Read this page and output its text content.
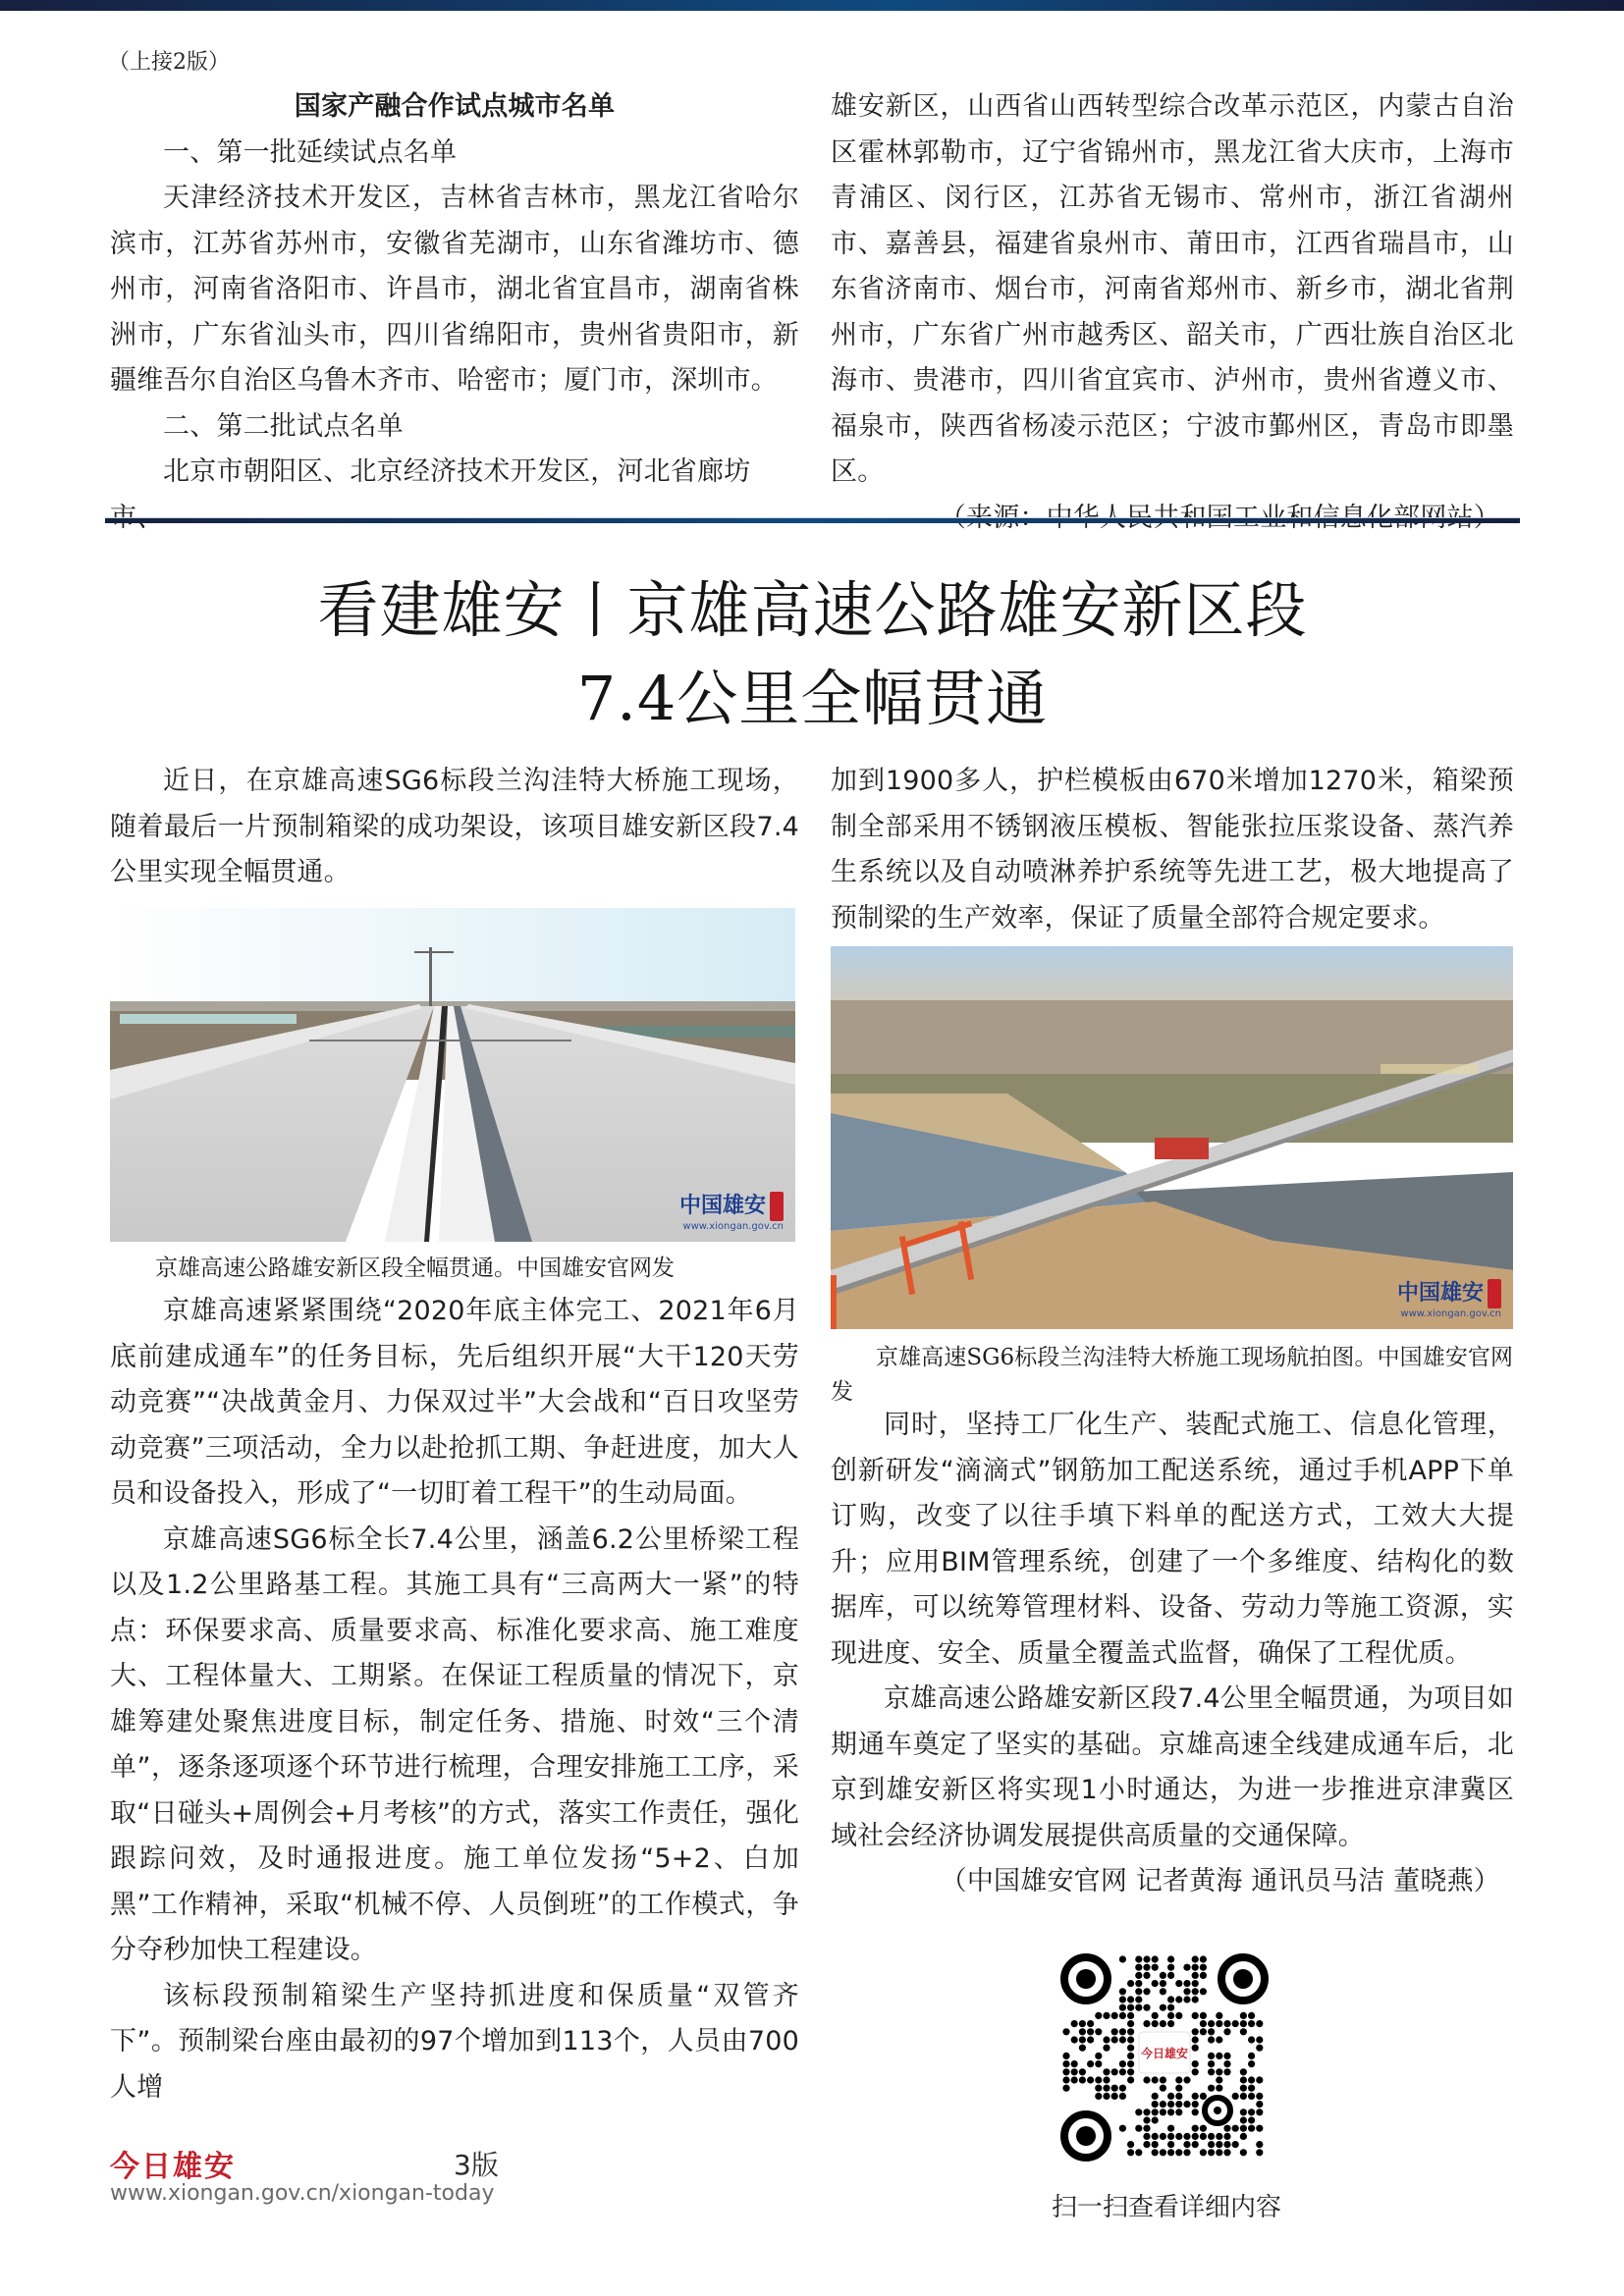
（上接2版）

国家产融合作试点城市名单

一、第一批延续试点名单

天津经济技术开发区，吉林省吉林市，黑龙江省哈尔滨市，江苏省苏州市，安徽省芜湖市，山东省潍坊市、德州市，河南省洛阳市、许昌市，湖北省宜昌市，湖南省株洲市，广东省汕头市，四川省绵阳市，贵州省贵阳市，新疆维吾尔自治区乌鲁木齐市、哈密市；厦门市，深圳市。

二、第二批试点名单

北京市朝阳区、北京经济技术开发区，河北省廊坊

雄安新区，山西省山西转型综合改革示范区，内蒙古自治区霍林郭勒市，辽宁省锦州市，黑龙江省大庆市，上海市青浦区、闵行区，江苏省无锡市、常州市，浙江省湖州市、嘉善县，福建省泉州市、莆田市，江西省瑞昌市，山东省济南市、烟台市，河南省郑州市、新乡市，湖北省荆州市，广东省广州市越秀区、韶关市，广西壮族自治区北海市、贵港市，四川省宜宾市、泸州市，贵州省遵义市、福泉市，陕西省杨凌示范区；宁波市鄞州区，青岛市即墨区。

看建雄安丨京雄高速公路雄安新区段
7.4公里全幅贯通

近日，在京雄高速SG6标段兰沟洼特大桥施工现场，随着最后一片预制箱梁的成功架设，该项目雄安新区段7.4公里实现全幅贯通。

中国雄安
www.xiongan.gov.cn
京雄高速公路雄安新区段全幅贯通。中国雄安官网发

京雄高速紧紧围绕“2020年底主体完工、2021年6月底前建成通车”的任务目标，先后组织开展“大干120天劳动竞赛”“决战黄金月、力保双过半”大会战和“百日攻坚劳动竞赛”三项活动，全力以赴抢抓工期、争赶进度，加大人员和设备投入，形成了“一切盯着工程干”的生动局面。

京雄高速SG6标全长7.4公里，涵盖6.2公里桥梁工程以及1.2公里路基工程。其施工具有“三高两大一紧”的特点：环保要求高、质量要求高、标准化要求高、施工难度大、工程体量大、工期紧。在保证工程质量的情况下，京雄筹建处聚焦进度目标，制定任务、措施、时效“三个清单”，逐条逐项逐个环节进行梳理，合理安排施工工序，采取“日碰头+周例会+月考核”的方式，落实工作责任，强化跟踪问效，及时通报进度。施工单位发扬“5+2、白加黑”工作精神，采取“机械不停、人员倒班”的工作模式，争分夺秒加快工程建设。

该标段预制箱梁生产坚持抓进度和保质量“双管齐下”。预制梁台座由最初的97个增加到113个，人员由700人增

加到1900多人，护栏模板由670米增加1270米，箱梁预制全部采用不锈钢液压模板、智能张拉压浆设备、蒸汽养生系统以及自动喷淋养护系统等先进工艺，极大地提高了预制梁的生产效率，保证了质量全部符合规定要求。

中国雄安
www.xiongan.gov.cn
京雄高速SG6标段兰沟洼特大桥施工现场航拍图。中国雄安官网发

同时，坚持工厂化生产、装配式施工、信息化管理，创新研发“滴滴式”钢筋加工配送系统，通过手机APP下单订购，改变了以往手填下料单的配送方式，工效大大提升；应用BIM管理系统，创建了一个多维度、结构化的数据库，可以统筹管理材料、设备、劳动力等施工资源，实现进度、安全、质量全覆盖式监督，确保了工程优质。

京雄高速公路雄安新区段7.4公里全幅贯通，为项目如期通车奠定了坚实的基础。京雄高速全线建成通车后，北京到雄安新区将实现1小时通达，为进一步推进京津冀区域社会经济协调发展提供高质量的交通保障。

（中国雄安官网 记者黄海 通讯员马洁 董晓燕）

今日雄安
扫一扫查看详细内容
今日雄安	3版
www.xiongan.gov.cn/xiongan-today
